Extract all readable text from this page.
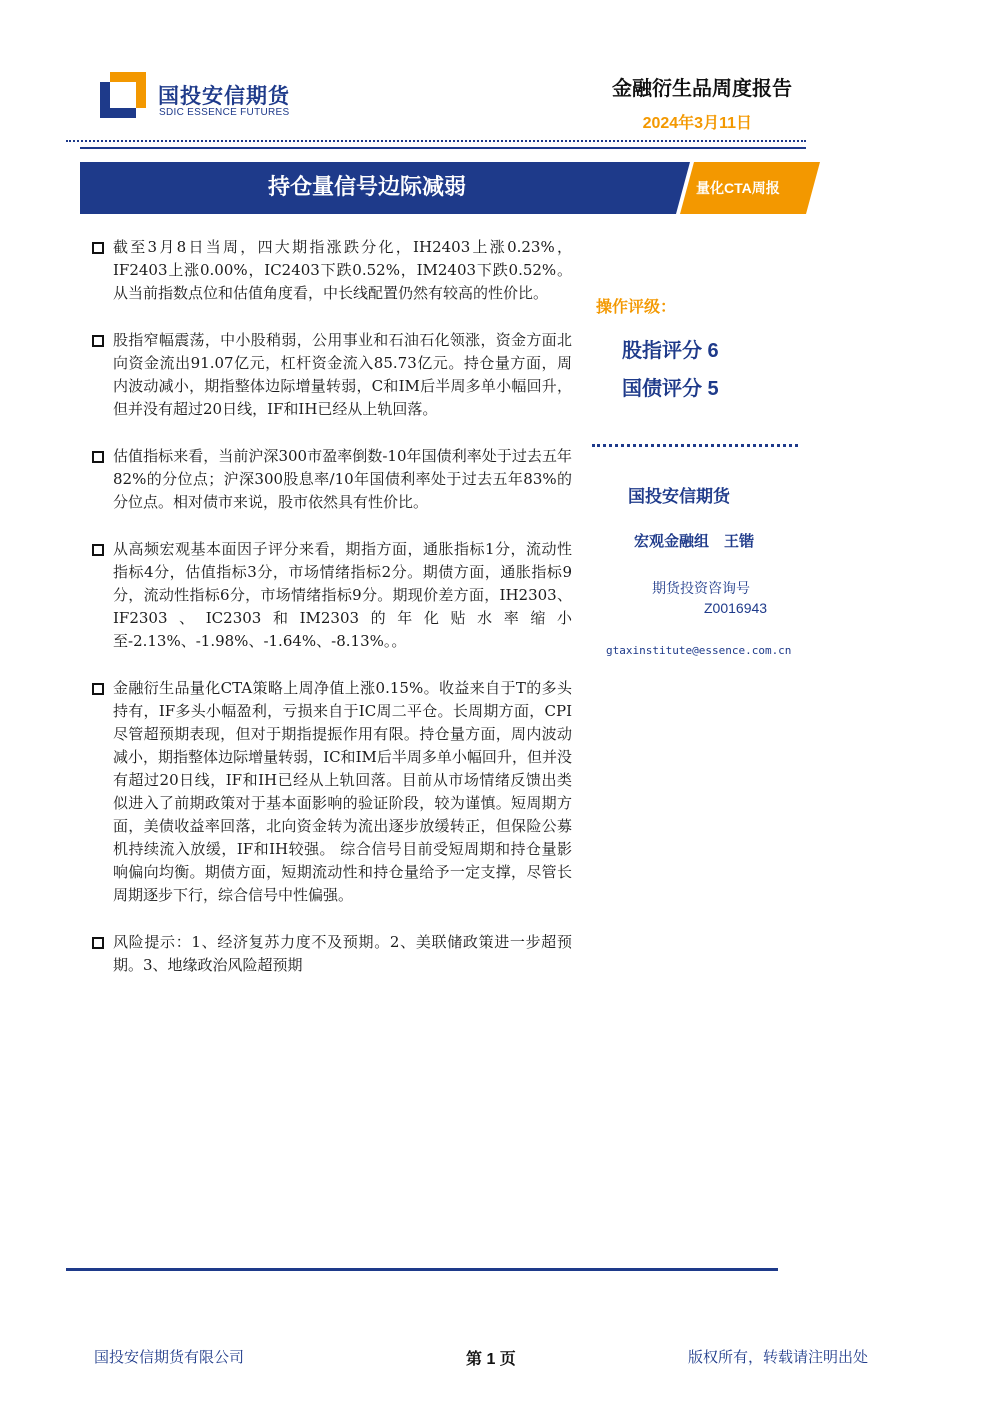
国投安信期货
SDIC ESSENCE FUTURES
金融衍生品周度报告
2024年3月11日
持仓量信号边际减弱	量化CTA周报
截至3月8日当周，四大期指涨跌分化，IH2403上涨0.23%，IF2403上涨0.00%，IC2403下跌0.52%，IM2403下跌0.52%。从当前指数点位和估值角度看，中长线配置仍然有较高的性价比。
股指窄幅震荡，中小股稍弱，公用事业和石油石化领涨，资金方面北向资金流出91.07亿元，杠杆资金流入85.73亿元。持仓量方面，周内波动减小，期指整体边际增量转弱，C和IM后半周多单小幅回升，但并没有超过20日线，IF和IH已经从上轨回落。
估值指标来看，当前沪深300市盈率倒数-10年国债利率处于过去五年82%的分位点；沪深300股息率/10年国债利率处于过去五年83%的分位点。相对债市来说，股市依然具有性价比。
从高频宏观基本面因子评分来看，期指方面，通胀指标1分，流动性指标4分，估值指标3分，市场情绪指标2分。期债方面，通胀指标9分，流动性指标6分，市场情绪指标9分。期现价差方面，IH2303、IF2303、IC2303和IM2303的年化贴水率缩小至-2.13%、-1.98%、-1.64%、-8.13%。。
金融衍生品量化CTA策略上周净值上涨0.15%。收益来自于T的多头持有，IF多头小幅盈利，亏损来自于IC周二平仓。长周期方面，CPI尽管超预期表现，但对于期指提振作用有限。持仓量方面，周内波动减小，期指整体边际增量转弱，IC和IM后半周多单小幅回升，但并没有超过20日线，IF和IH已经从上轨回落。目前从市场情绪反馈出类似进入了前期政策对于基本面影响的验证阶段，较为谨慎。短周期方面，美债收益率回落，北向资金转为流出逐步放缓转正，但保险公募机持续流入放缓，IF和IH较强。 综合信号目前受短周期和持仓量影响偏向均衡。期债方面，短期流动性和持仓量给予一定支撑，尽管长周期逐步下行，综合信号中性偏强。
风险提示：1、经济复苏力度不及预期。2、美联储政策进一步超预期。3、地缘政治风险超预期
操作评级：
股指评分 6
国债评分 5
国投安信期货
宏观金融组　王锴
期货投资咨询号
Z0016943
gtaxinstitute@essence.com.cn
国投安信期货有限公司	第 1 页	版权所有，转载请注明出处
